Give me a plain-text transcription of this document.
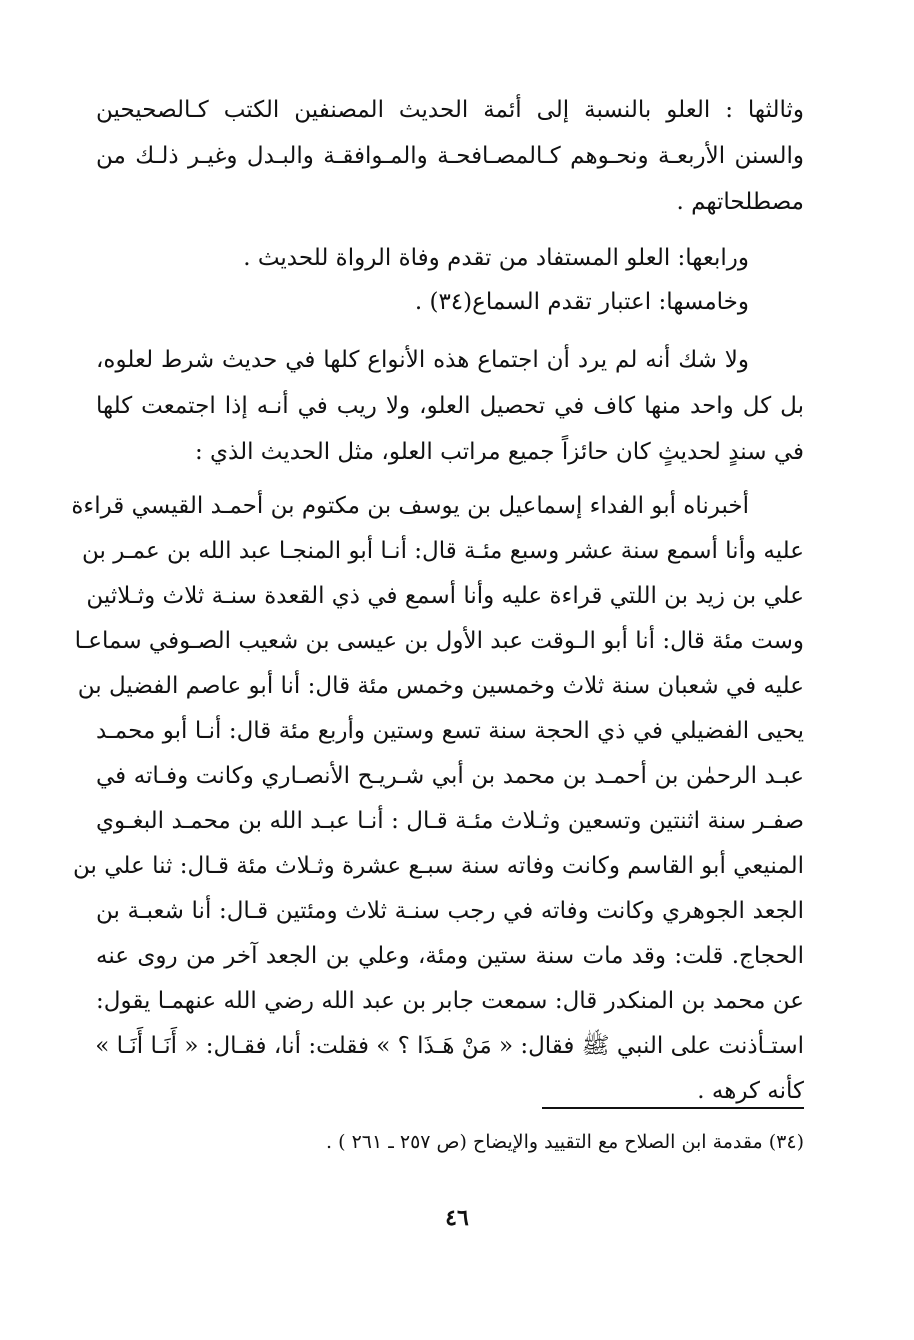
وثالثها : العلو بالنسبة إلى أئمة الحديث المصنفين الكتب كـالصحيحين
والسنن الأربعـة ونحـوهم كـالمصـافحـة والمـوافقـة والبـدل وغيـر ذلـك من
مصطلحاتهم .
ورابعها: العلو المستفاد من تقدم وفاة الرواة للحديث .
وخامسها: اعتبار تقدم السماع(٣٤) .
ولا شك أنه لم يرد أن اجتماع هذه الأنواع كلها في حديث شرط لعلوه،
بل كل واحد منها كاف في تحصيل العلو، ولا ريب في أنـه إذا اجتمعت كلها
في سندٍ لحديثٍ كان حائزاً جميع مراتب العلو، مثل الحديث الذي :
أخبرناه أبو الفداء إسماعيل بن يوسف بن مكتوم بن أحمـد القيسي قراءة
عليه وأنا أسمع سنة عشر وسبع مئـة قال: أنـا أبو المنجـا عبد الله بن عمـر بن
علي بن زيد بن اللتي قراءة عليه وأنا أسمع في ذي القعدة سنـة ثلاث وثـلاثين
وست مئة قال: أنا أبو الـوقت عبد الأول بن عيسى بن شعيب الصـوفي سماعـا
عليه في شعبان سنة ثلاث وخمسين وخمس مئة قال: أنا أبو عاصم الفضيل بن
يحيى الفضيلي في ذي الحجة سنة تسع وستين وأربع مئة قال: أنـا أبو محمـد
عبـد الرحمٰن بن أحمـد بن محمد بن أبي شـريـح الأنصـاري وكانت وفـاته في
صفـر سنة اثنتين وتسعين وثـلاث مئـة قـال : أنـا عبـد الله بن محمـد البغـوي
المنيعي أبو القاسم وكانت وفاته سنة سبـع عشرة وثـلاث مئة قـال: ثنا علي بن
الجعد الجوهري وكانت وفاته في رجب سنـة ثلاث ومئتين قـال: أنا شعبـة بن
الحجاج. قلت: وقد مات سنة ستين ومئة، وعلي بن الجعد آخر من روى عنه
عن محمد بن المنكدر قال: سمعت جابر بن عبد الله رضي الله عنهمـا يقول:
استـأذنت على النبي ﷺ فقال: « مَنْ هَـذَا ؟ » فقلت: أنا، فقـال: « أَنَـا أَنَـا »
كأنه كرهه .
(٣٤) مقدمة ابن الصلاح مع التقييد والإيضاح (ص ٢٥٧ ـ ٢٦١ ) .
٤٦
